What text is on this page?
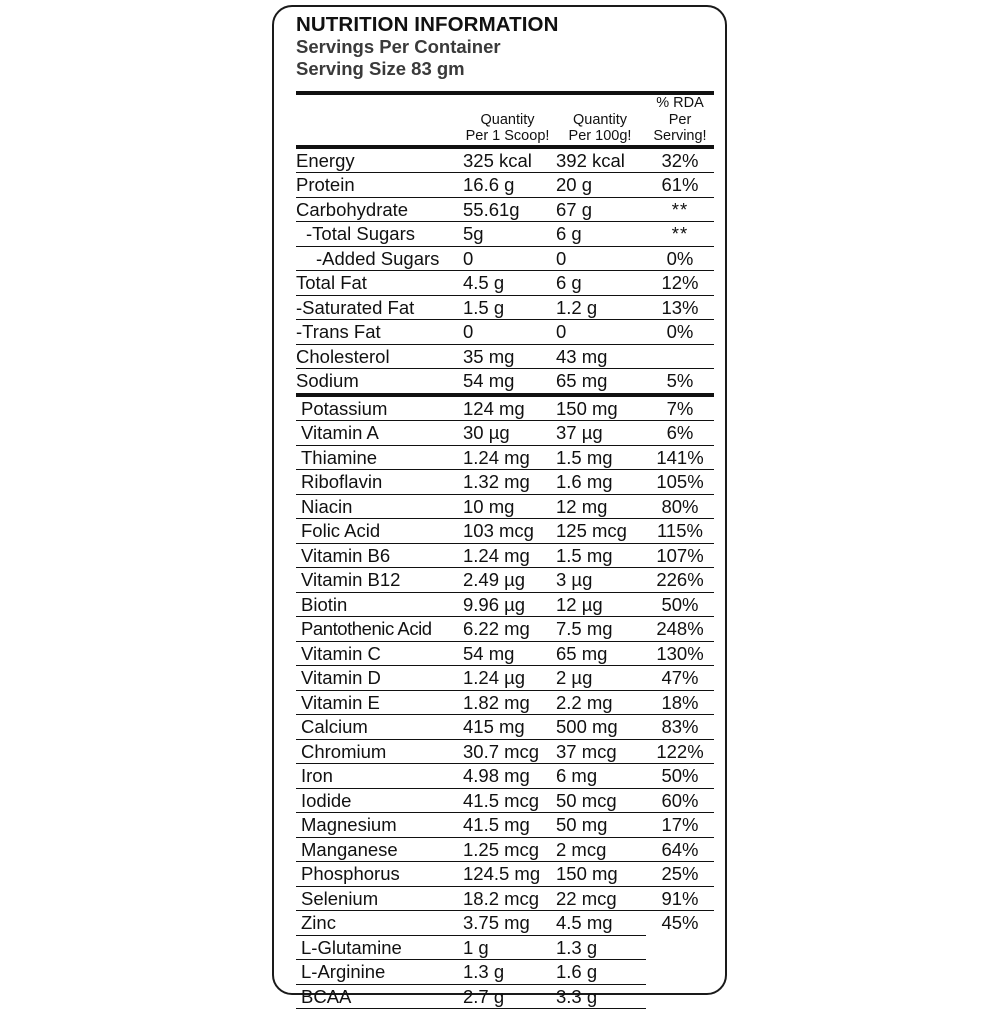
NUTRITION INFORMATION
Servings Per Container
Serving Size 83 gm

Quantity
Per 1 Scoop!

Quantity
Per 100g!

% RDA Per
Serving!

Energy	325 kcal	392 kcal	32%

Protein	16.6 g	20 g	61%

Carbohydrate	55.61g	67 g	**

-Total Sugars	5g	6 g	**

-Added Sugars	0	0	0%

Total Fat	4.5 g	6 g	12%

-Saturated Fat	1.5 g	1.2 g	13%

-Trans Fat	0	0	0%

Cholesterol	35 mg	43 mg	

Sodium	54 mg	65 mg	5%

Potassium	124 mg	150 mg	7%

Vitamin A	30 µg	37 µg	6%

Thiamine	1.24 mg	1.5 mg	141%

Riboflavin	1.32 mg	1.6 mg	105%

Niacin	10 mg	12 mg	80%

Folic Acid	103 mcg	125 mcg	115%

Vitamin B6	1.24 mg	1.5 mg	107%

Vitamin B12	2.49 µg	3 µg	226%

Biotin	9.96 µg	12 µg	50%

Pantothenic Acid	6.22 mg	7.5 mg	248%

Vitamin C	54 mg	65 mg	130%

Vitamin D	1.24 µg	2 µg	47%

Vitamin E	1.82 mg	2.2 mg	18%

Calcium	415 mg	500 mg	83%

Chromium	30.7 mcg	37 mcg	122%

Iron	4.98 mg	6 mg	50%

Iodide	41.5 mcg	50 mcg	60%

Magnesium	41.5 mg	50 mg	17%

Manganese	1.25 mcg	2 mcg	64%

Phosphorus	124.5 mg	150 mg	25%

Selenium	18.2 mcg	22 mcg	91%

Zinc	3.75 mg	4.5 mg	45%

L-Glutamine	1 g	1.3 g	

L-Arginine	1.3 g	1.6 g	

BCAA	2.7 g	3.3 g	
